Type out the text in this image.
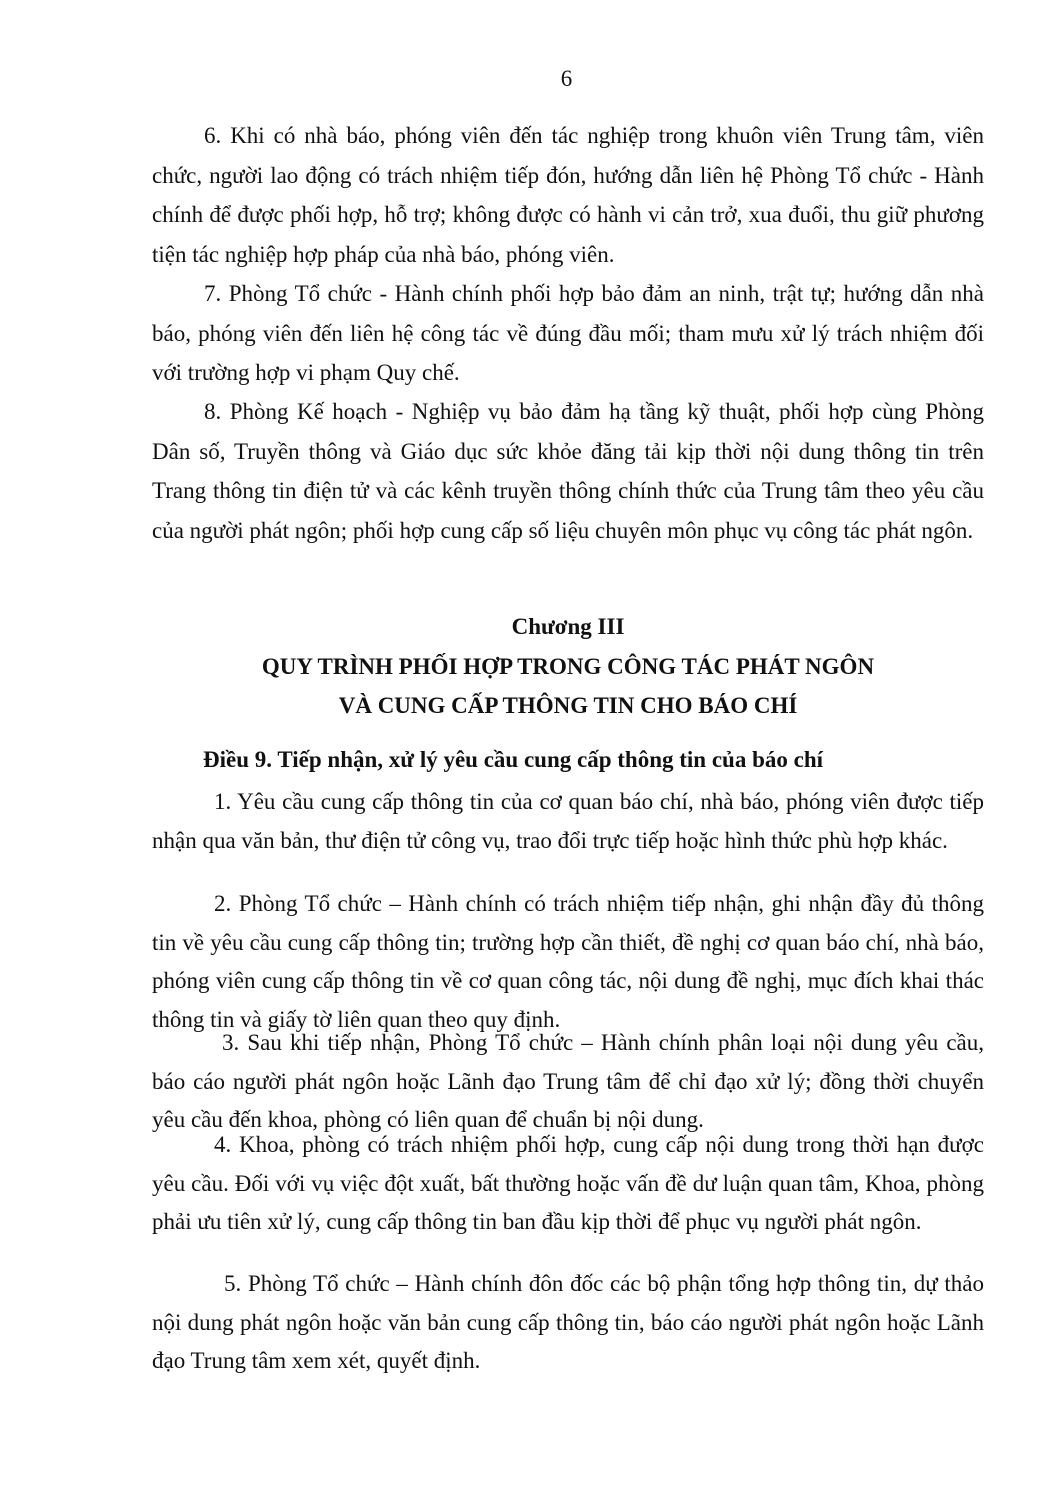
6

6. Khi có nhà báo, phóng viên đến tác nghiệp trong khuôn viên Trung tâm, viên chức, người lao động có trách nhiệm tiếp đón, hướng dẫn liên hệ Phòng Tổ chức - Hành chính để được phối hợp, hỗ trợ; không được có hành vi cản trở, xua đuổi, thu giữ phương tiện tác nghiệp hợp pháp của nhà báo, phóng viên.

7. Phòng Tổ chức - Hành chính phối hợp bảo đảm an ninh, trật tự; hướng dẫn nhà báo, phóng viên đến liên hệ công tác về đúng đầu mối; tham mưu xử lý trách nhiệm đối với trường hợp vi phạm Quy chế.

8. Phòng Kế hoạch - Nghiệp vụ bảo đảm hạ tầng kỹ thuật, phối hợp cùng Phòng Dân số, Truyền thông và Giáo dục sức khỏe đăng tải kịp thời nội dung thông tin trên Trang thông tin điện tử và các kênh truyền thông chính thức của Trung tâm theo yêu cầu của người phát ngôn; phối hợp cung cấp số liệu chuyên môn phục vụ công tác phát ngôn.

Chương III

QUY TRÌNH PHỐI HỢP TRONG CÔNG TÁC PHÁT NGÔN

VÀ CUNG CẤP THÔNG TIN CHO BÁO CHÍ

Điều 9. Tiếp nhận, xử lý yêu cầu cung cấp thông tin của báo chí

1. Yêu cầu cung cấp thông tin của cơ quan báo chí, nhà báo, phóng viên được tiếp nhận qua văn bản, thư điện tử công vụ, trao đổi trực tiếp hoặc hình thức phù hợp khác.

2. Phòng Tổ chức – Hành chính có trách nhiệm tiếp nhận, ghi nhận đầy đủ thông tin về yêu cầu cung cấp thông tin; trường hợp cần thiết, đề nghị cơ quan báo chí, nhà báo, phóng viên cung cấp thông tin về cơ quan công tác, nội dung đề nghị, mục đích khai thác thông tin và giấy tờ liên quan theo quy định.

3. Sau khi tiếp nhận, Phòng Tổ chức – Hành chính phân loại nội dung yêu cầu, báo cáo người phát ngôn hoặc Lãnh đạo Trung tâm để chỉ đạo xử lý; đồng thời chuyển yêu cầu đến khoa, phòng có liên quan để chuẩn bị nội dung.

4. Khoa, phòng có trách nhiệm phối hợp, cung cấp nội dung trong thời hạn được yêu cầu. Đối với vụ việc đột xuất, bất thường hoặc vấn đề dư luận quan tâm, Khoa, phòng phải ưu tiên xử lý, cung cấp thông tin ban đầu kịp thời để phục vụ người phát ngôn.

5. Phòng Tổ chức – Hành chính đôn đốc các bộ phận tổng hợp thông tin, dự thảo nội dung phát ngôn hoặc văn bản cung cấp thông tin, báo cáo người phát ngôn hoặc Lãnh đạo Trung tâm xem xét, quyết định.
